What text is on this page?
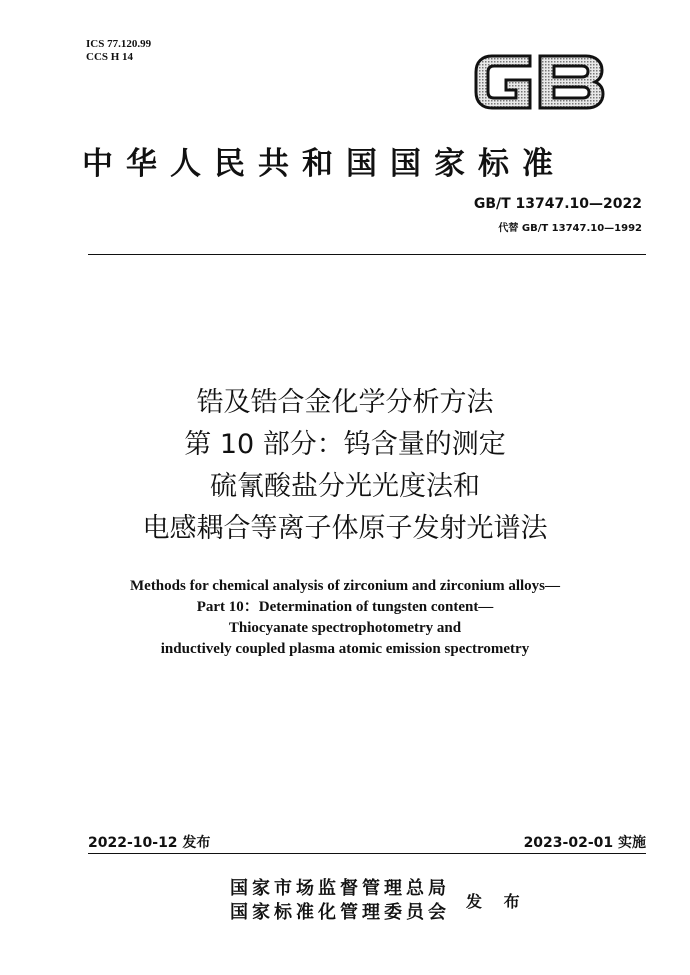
ICS 77.120.99
CCS H 14
中华人民共和国国家标准
GB/T 13747.10—2022
代替 GB/T 13747.10—1992
锆及锆合金化学分析方法
第 10 部分：钨含量的测定
硫氰酸盐分光光度法和
电感耦合等离子体原子发射光谱法
Methods for chemical analysis of zirconium and zirconium alloys—
Part 10：Determination of tungsten content—
Thiocyanate spectrophotometry and
inductively coupled plasma atomic emission spectrometry
2022-10-12 发布	2023-02-01 实施
国家市场监督管理总局
国家标准化管理委员会
发 布
